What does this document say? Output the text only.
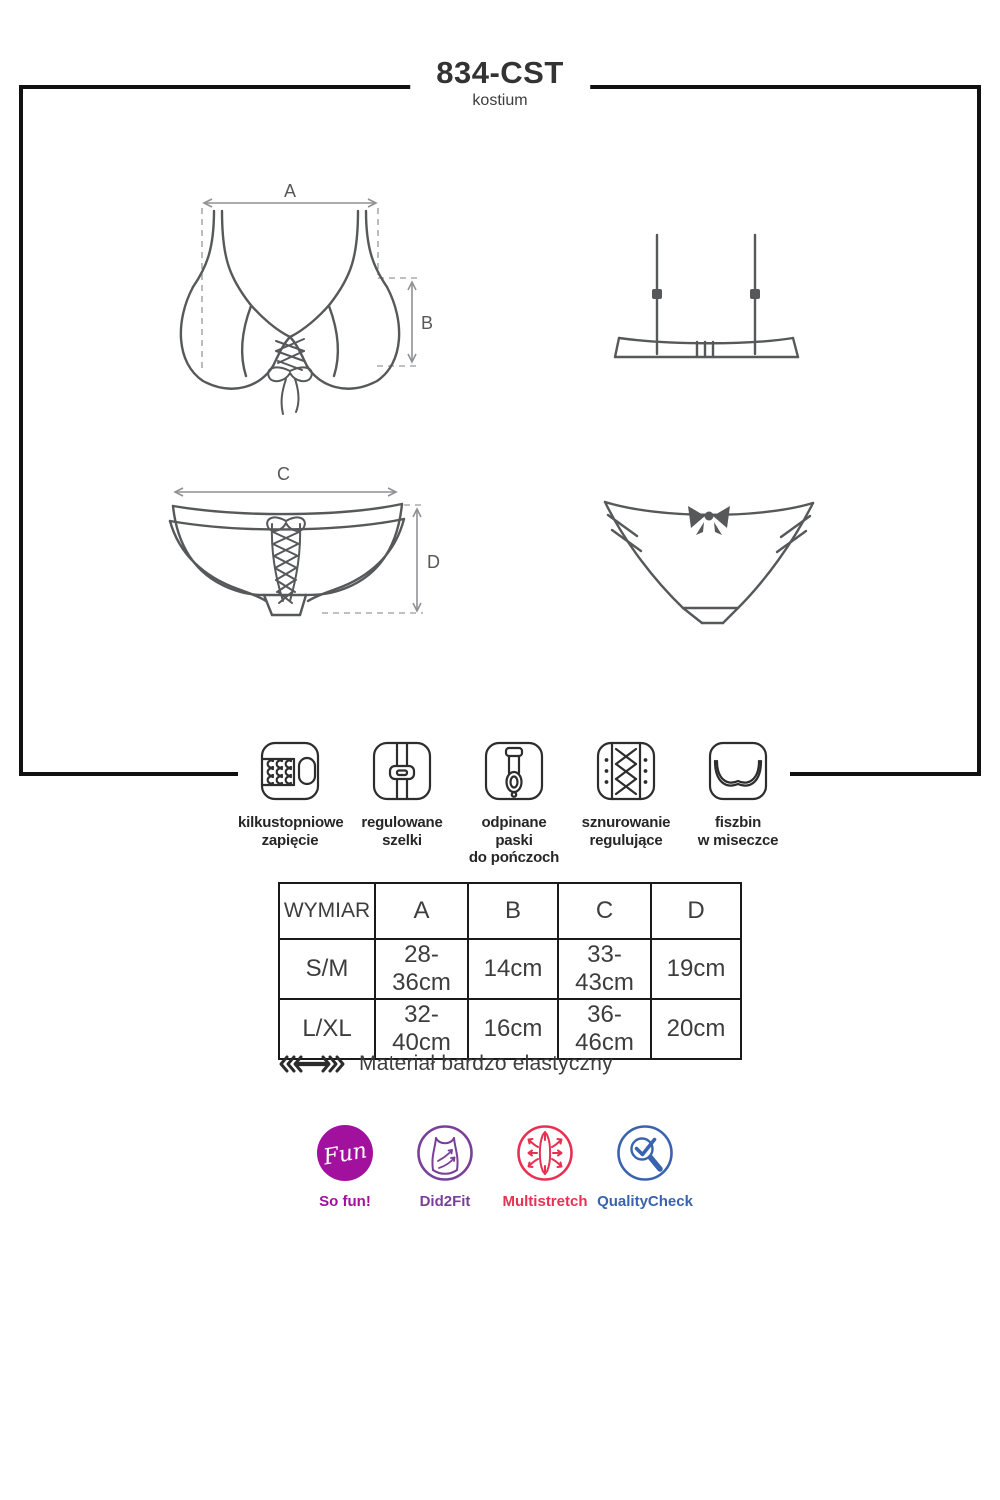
834-CST
kostium
A
B
C
D
kilkustopniowe
zapięcie
regulowane
szelki
odpinane paski
do pończoch
sznurowanie
regulujące
fiszbin
w miseczce
WYMIAR	A	B	C	D
S/M	28-36cm	14cm	33-43cm	19cm
L/XL	32-40cm	16cm	36-46cm	20cm
Materiał bardzo elastyczny
Fun
So fun!	Did2Fit	Multistretch QualityCheck
